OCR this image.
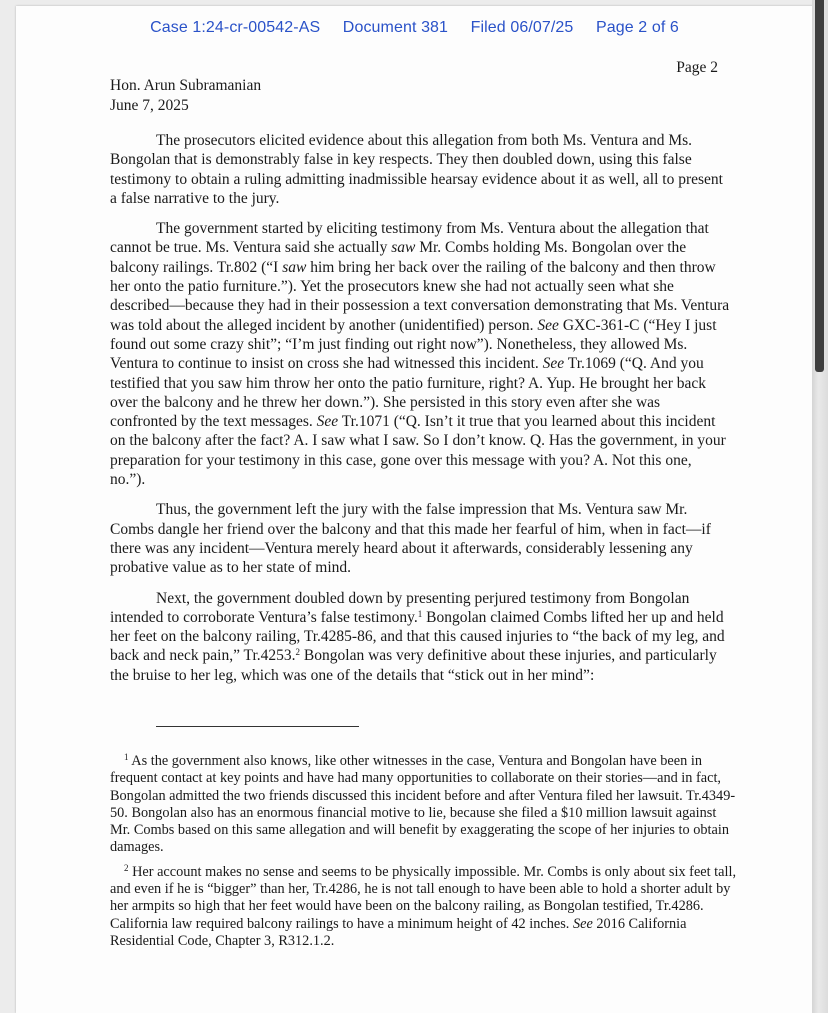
Case 1:24-cr-00542-AS Document 381 Filed 06/07/25 Page 2 of 6
Page 2
Hon. Arun Subramanian
June 7, 2025

The prosecutors elicited evidence about this allegation from both Ms. Ventura and Ms. Bongolan that is demonstrably false in key respects. They then doubled down, using this false testimony to obtain a ruling admitting inadmissible hearsay evidence about it as well, all to present a false narrative to the jury.

The government started by eliciting testimony from Ms. Ventura about the allegation that cannot be true. Ms. Ventura said she actually saw Mr. Combs holding Ms. Bongolan over the balcony railings. Tr.802 (“I saw him bring her back over the railing of the balcony and then throw her onto the patio furniture.”). Yet the prosecutors knew she had not actually seen what she described—because they had in their possession a text conversation demonstrating that Ms. Ventura was told about the alleged incident by another (unidentified) person. See GXC-361-C (“Hey I just found out some crazy shit”; “I’m just finding out right now”). Nonetheless, they allowed Ms. Ventura to continue to insist on cross she had witnessed this incident. See Tr.1069 (“Q. And you testified that you saw him throw her onto the patio furniture, right? A. Yup. He brought her back over the balcony and he threw her down.”). She persisted in this story even after she was confronted by the text messages. See Tr.1071 (“Q. Isn’t it true that you learned about this incident on the balcony after the fact? A. I saw what I saw. So I don’t know. Q. Has the government, in your preparation for your testimony in this case, gone over this message with you? A. Not this one, no.”).

Thus, the government left the jury with the false impression that Ms. Ventura saw Mr. Combs dangle her friend over the balcony and that this made her fearful of him, when in fact—if there was any incident—Ventura merely heard about it afterwards, considerably lessening any probative value as to her state of mind.

Next, the government doubled down by presenting perjured testimony from Bongolan intended to corroborate Ventura’s false testimony.$^1$ Bongolan claimed Combs lifted her up and held her feet on the balcony railing, Tr.4285-86, and that this caused injuries to “the back of my leg, and back and neck pain,” Tr.4253.$^2$ Bongolan was very definitive about these injuries, and particularly the bruise to her leg, which was one of the details that “stick out in her mind”:

$^1$ As the government also knows, like other witnesses in the case, Ventura and Bongolan have been in frequent contact at key points and have had many opportunities to collaborate on their stories—and in fact, Bongolan admitted the two friends discussed this incident before and after Ventura filed her lawsuit. Tr.4349-50. Bongolan also has an enormous financial motive to lie, because she filed a $10 million lawsuit against Mr. Combs based on this same allegation and will benefit by exaggerating the scope of her injuries to obtain damages.

$^2$ Her account makes no sense and seems to be physically impossible. Mr. Combs is only about six feet tall, and even if he is “bigger” than her, Tr.4286, he is not tall enough to have been able to hold a shorter adult by her armpits so high that her feet would have been on the balcony railing, as Bongolan testified, Tr.4286. California law required balcony railings to have a minimum height of 42 inches. See 2016 California Residential Code, Chapter 3, R312.1.2.
